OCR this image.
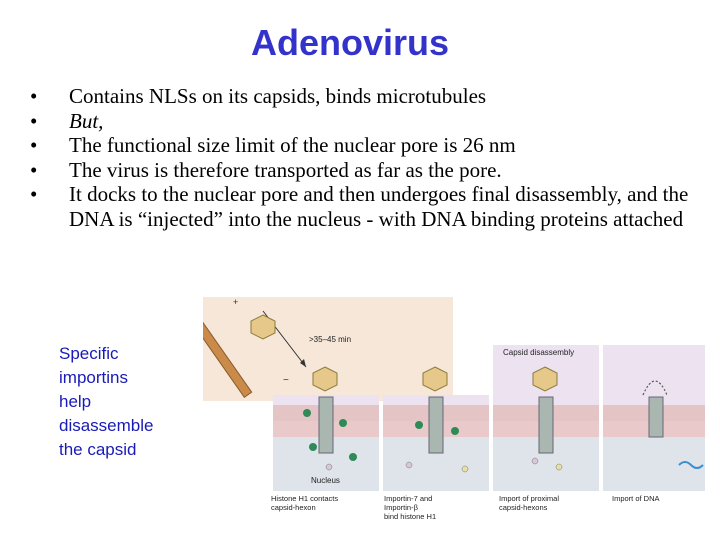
Adenovirus
• Contains NLSs on its capsids, binds microtubules
• But,
• The functional size limit of the nuclear pore is 26 nm
• The virus is therefore transported as far as the pore.
• It docks to the nuclear pore and then undergoes final disassembly, and the DNA is “injected” into the nucleus - with DNA binding proteins attached
Specific
importins
help
disassemble
the capsid
+
−
>35–45 min
Nucleus
Capsid disassembly
Histone H1 contacts capsid-hexon
Importin-7 and Importin-β bind histone H1
Import of proximal capsid-hexons
Import of DNA
